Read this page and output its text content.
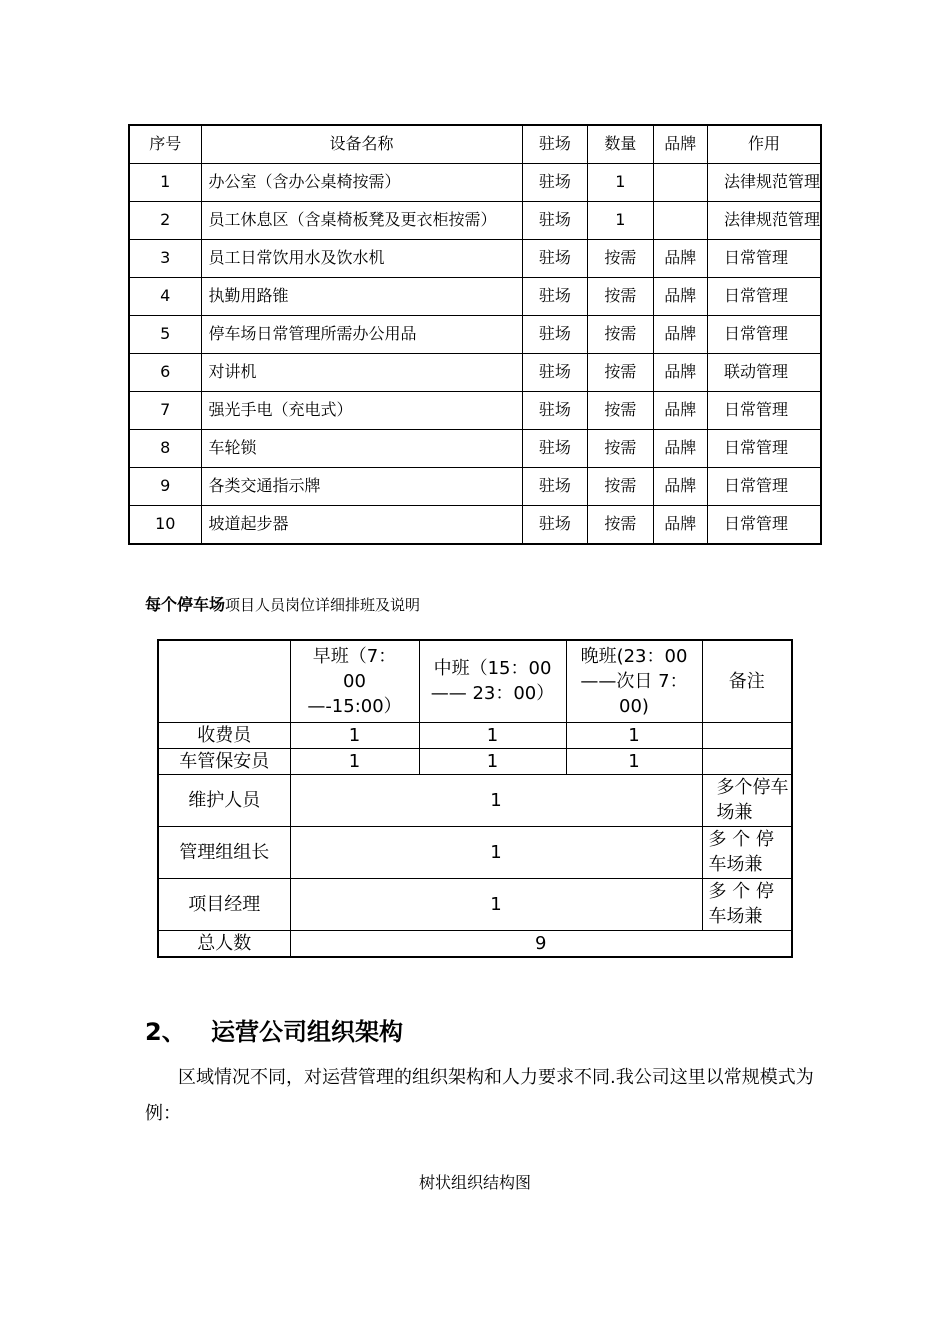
序号	设备名称	驻场	数量	品牌	作用

1	办公室（含办公桌椅按需）	驻场	1		法律规范管理

2	员工休息区（含桌椅板凳及更衣柜按需）	驻场	1		法律规范管理

3	员工日常饮用水及饮水机	驻场	按需	品牌	日常管理

4	执勤用路锥	驻场	按需	品牌	日常管理

5	停车场日常管理所需办公用品	驻场	按需	品牌	日常管理

6	对讲机	驻场	按需	品牌	联动管理

7	强光手电（充电式）	驻场	按需	品牌	日常管理

8	车轮锁	驻场	按需	品牌	日常管理

9	各类交通指示牌	驻场	按需	品牌	日常管理

10	坡道起步器	驻场	按需	品牌	日常管理
每个停车场项目人员岗位详细排班及说明
	早班（7：00—-15:00）	中班（15：00—— 23：00）	晚班(23：00——次日 7：00)	备注
收费员	1	1	1	
车管保安员	1	1	1	
维护人员	1			多个停车场兼
管理组组长	1			多 个 停车场兼
项目经理	1			多 个 停车场兼
总人数	9			
2、 运营公司组织架构
区域情况不同，对运营管理的组织架构和人力要求不同.我公司这里以常规模式为例：
树状组织结构图
